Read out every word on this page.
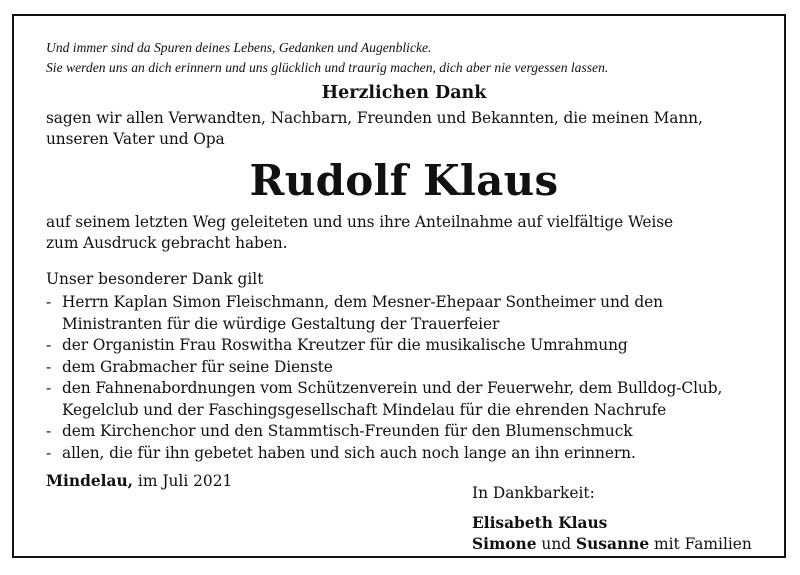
Und immer sind da Spuren deines Lebens, Gedanken und Augenblicke.
Sie werden uns an dich erinnern und uns glücklich und traurig machen, dich aber nie vergessen lassen.

Herzlichen Dank

sagen wir allen Verwandten, Nachbarn, Freunden und Bekannten, die meinen Mann,
unseren Vater und Opa

Rudolf Klaus

auf seinem letzten Weg geleiteten und uns ihre Anteilnahme auf vielfältige Weise
zum Ausdruck gebracht haben.

Unser besonderer Dank gilt

- Herrn Kaplan Simon Fleischmann, dem Mesner-Ehepaar Sontheimer und den
Ministranten für die würdige Gestaltung der Trauerfeier
- der Organistin Frau Roswitha Kreutzer für die musikalische Umrahmung
- dem Grabmacher für seine Dienste
- den Fahnenabordnungen vom Schützenverein und der Feuerwehr, dem Bulldog-Club,
Kegelclub und der Faschingsgesellschaft Mindelau für die ehrenden Nachrufe
- dem Kirchenchor und den Stammtisch-Freunden für den Blumenschmuck
- allen, die für ihn gebetet haben und sich auch noch lange an ihn erinnern.
Mindelau, im Juli 2021
In Dankbarkeit:
Elisabeth Klaus
Simone und Susanne mit Familien
